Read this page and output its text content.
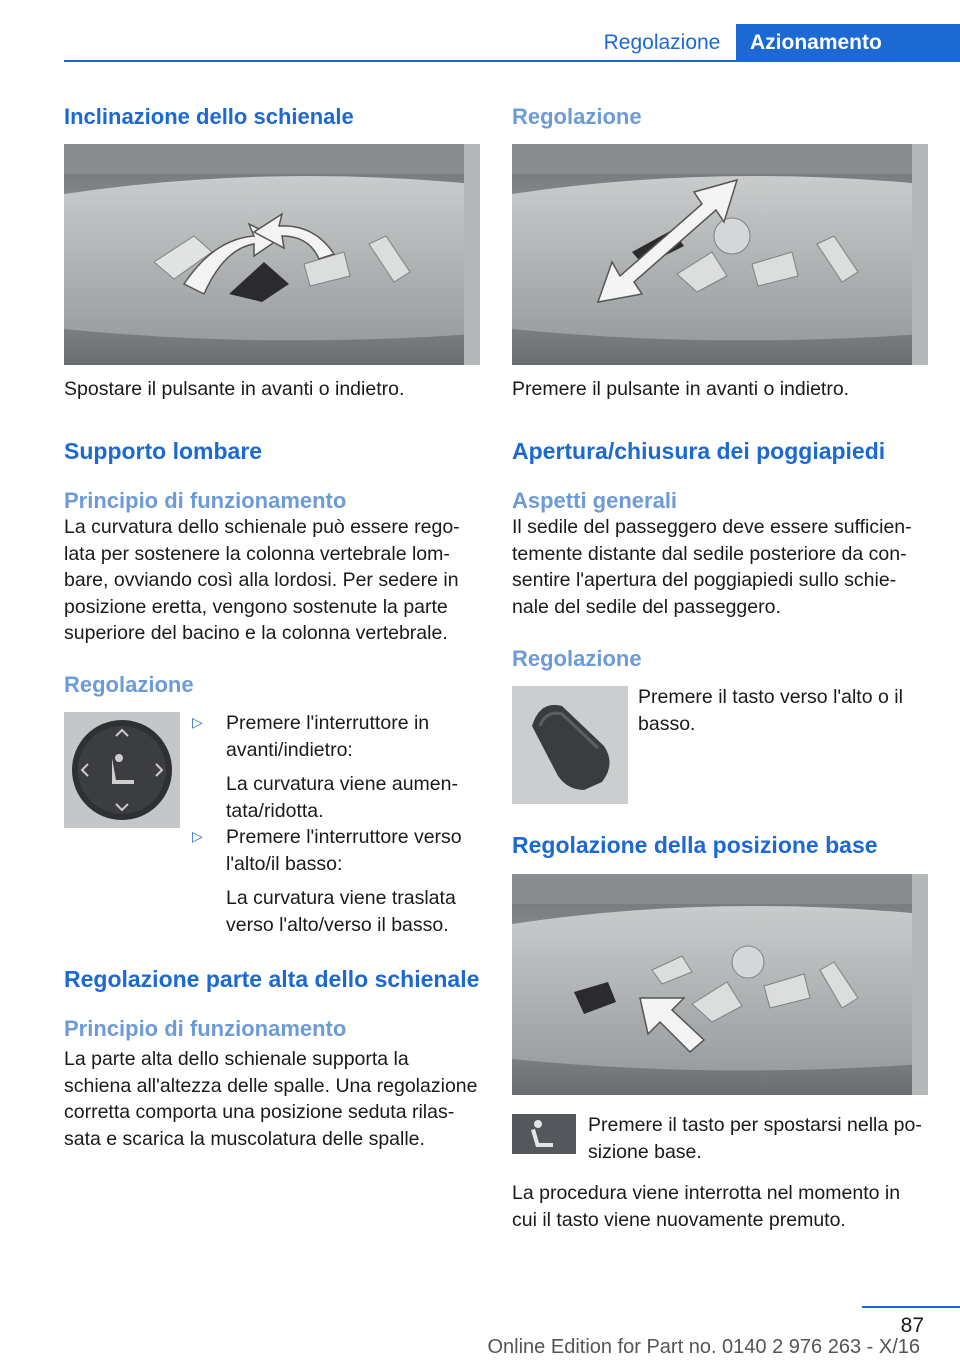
Regolazione	Azionamento
Inclinazione dello schienale
Spostare il pulsante in avanti o indietro.
Supporto lombare
Principio di funzionamento
La curvatura dello schienale può essere rego-
lata per sostenere la colonna vertebrale lom-
bare, ovviando così alla lordosi. Per sedere in
posizione eretta, vengono sostenute la parte
superiore del bacino e la colonna vertebrale.
Regolazione
▷ Premere l'interruttore in
avanti/indietro:
La curvatura viene aumen-
tata/ridotta.
▷ Premere l'interruttore verso
l'alto/il basso:
La curvatura viene traslata
verso l'alto/verso il basso.
Regolazione parte alta dello schienale
Principio di funzionamento
La parte alta dello schienale supporta la
schiena all'altezza delle spalle. Una regolazione
corretta comporta una posizione seduta rilas-
sata e scarica la muscolatura delle spalle.
Regolazione
Premere il pulsante in avanti o indietro.
Apertura/chiusura dei poggiapiedi
Aspetti generali
Il sedile del passeggero deve essere sufficien-
temente distante dal sedile posteriore da con-
sentire l'apertura del poggiapiedi sullo schie-
nale del sedile del passeggero.
Regolazione
Premere il tasto verso l'alto o il
basso.
Regolazione della posizione base
Premere il tasto per spostarsi nella po-
sizione base.
La procedura viene interrotta nel momento in
cui il tasto viene nuovamente premuto.
87
Online Edition for Part no. 0140 2 976 263 - X/16
